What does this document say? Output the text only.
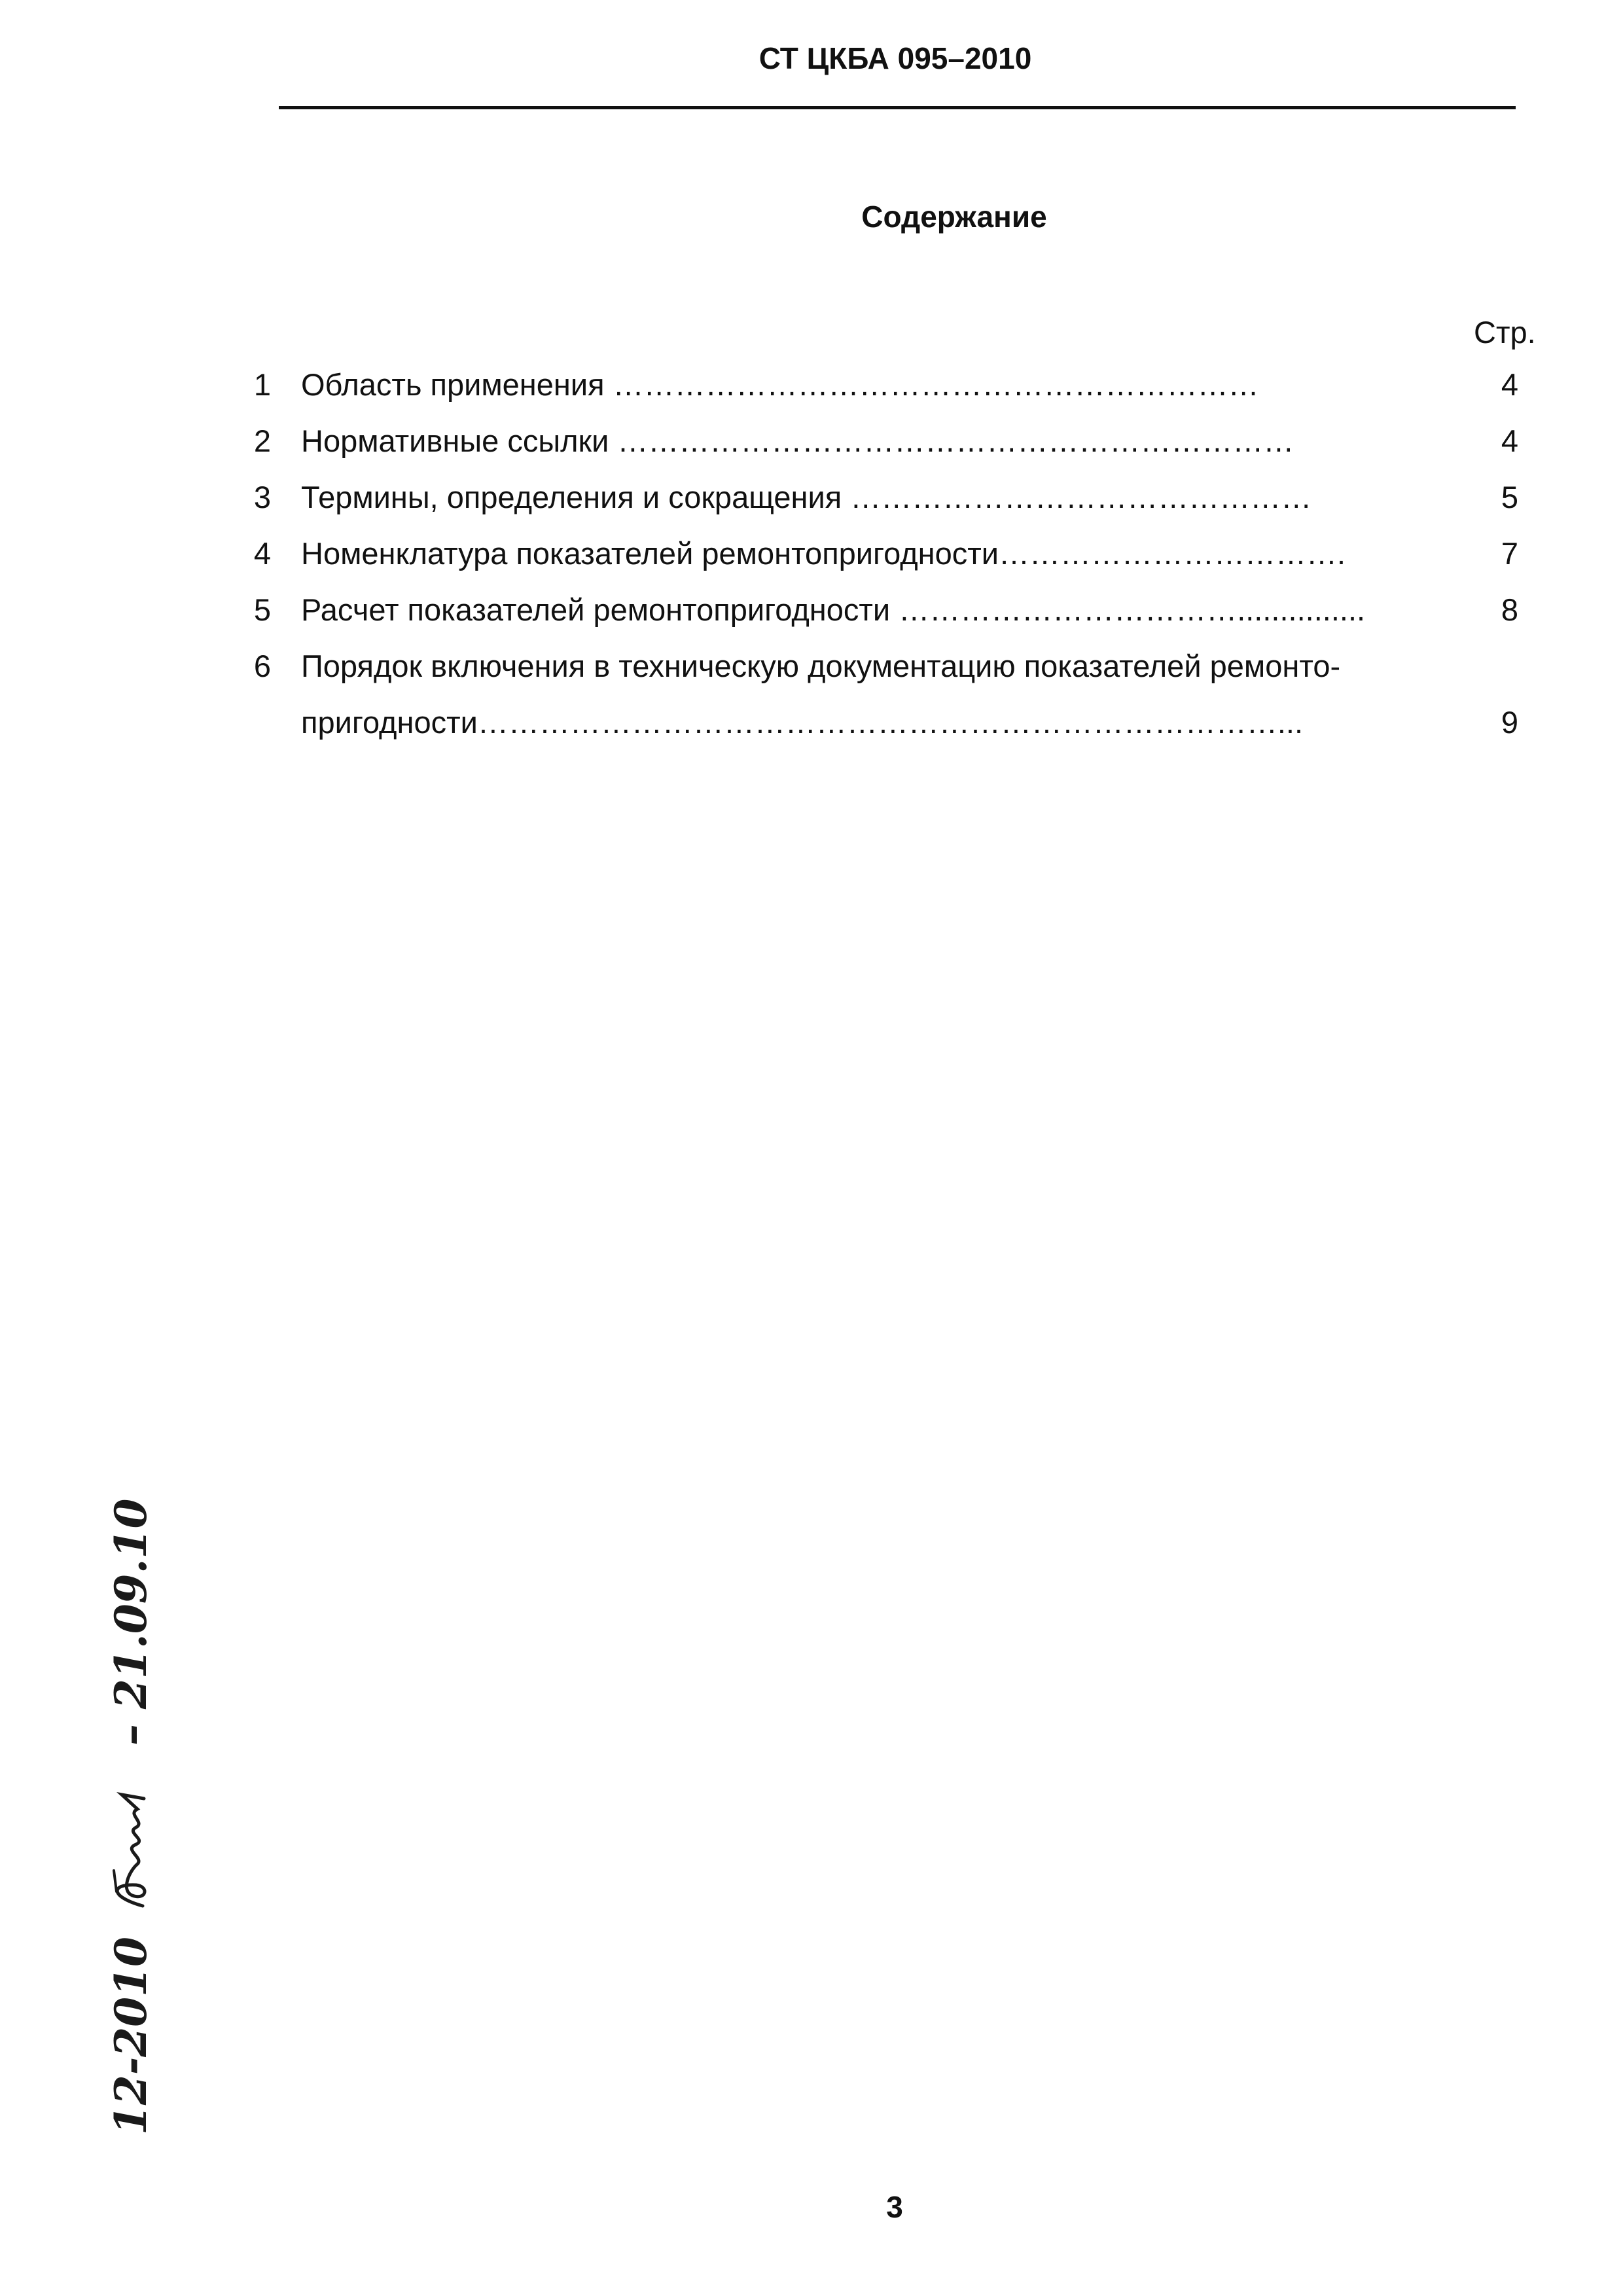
СТ ЦКБА 095–2010
Содержание
Стр.
1 Область применения ………………………………………………………	4
2 Нормативные ссылки …………………………………………………………	4
3 Термины, определения и сокращения ………………………………………	5
4 Номенклатура показателей ремонтопригодности…………………………….	7
5 Расчет показателей ремонтопригодности ……………………………...............	8
6 Порядок включения в техническую документацию показателей ремонто-
пригодности……………………………………………………………………...	9
12-2010  – 21.09.10
3
